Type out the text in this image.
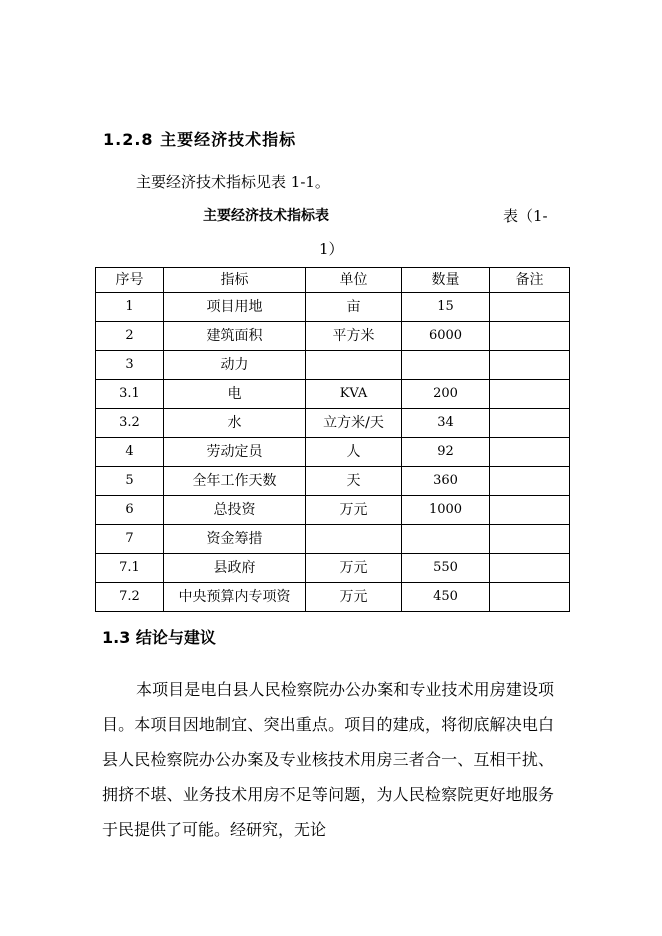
1.2.8 主要经济技术指标
主要经济技术指标见表 1-1。
主要经济技术指标表	表（1-
1）
序号	指标	单位	数量	备注
1	项目用地	亩	15	
2	建筑面积	平方米	6000	
3	动力			
3.1	电	KVA	200	
3.2	水	立方米/天	34	
4	劳动定员	人	92	
5	全年工作天数	天	360	
6	总投资	万元	1000	
7	资金筹措			
7.1	县政府	万元	550	
7.2	中央预算内专项资	万元	450	
1.3 结论与建议
本项目是电白县人民检察院办公办案和专业技术用房建设项目。本项目因地制宜、突出重点。项目的建成，将彻底解决电白县人民检察院办公办案及专业核技术用房三者合一、互相干扰、拥挤不堪、业务技术用房不足等问题，为人民检察院更好地服务于民提供了可能。经研究，无论
